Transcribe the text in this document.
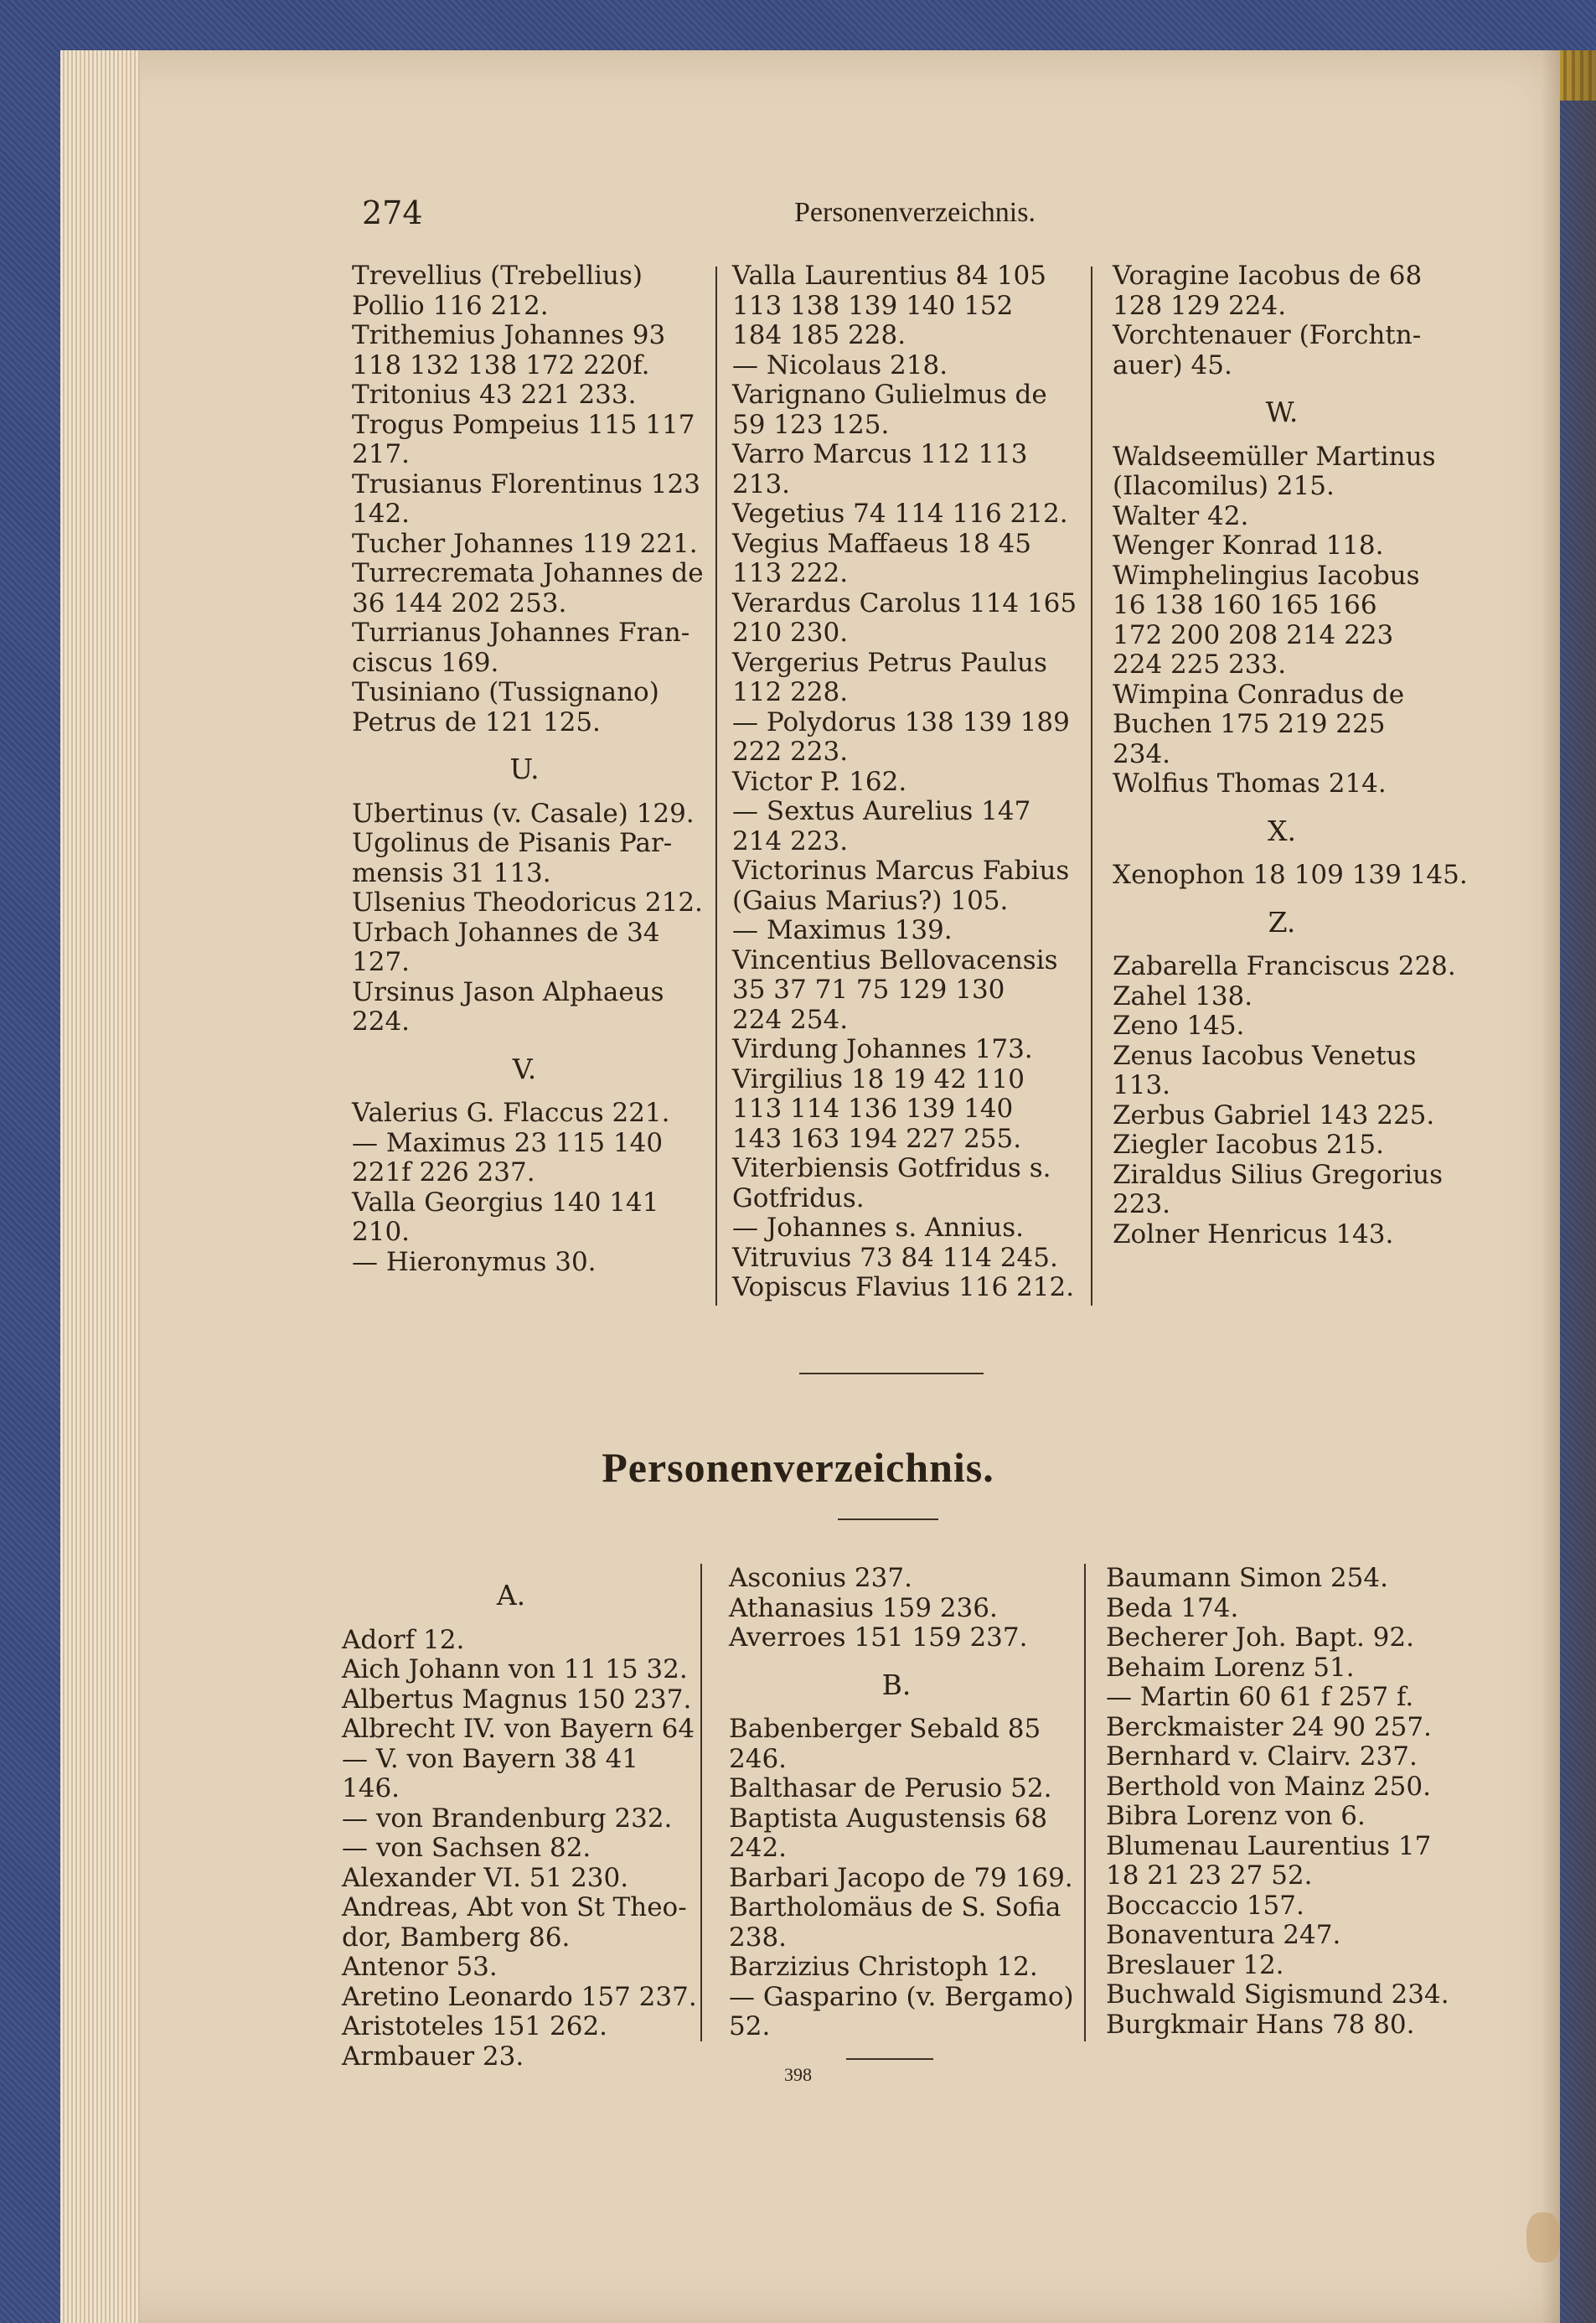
274	Personenverzeichnis.
Trevellius (Trebellius)
Pollio 116 212.
Trithemius Johannes 93
118 132 138 172 220f.
Tritonius 43 221 233.
Trogus Pompeius 115 117
217.
Trusianus Florentinus 123
142.
Tucher Johannes 119 221.
Turrecremata Johannes de
36 144 202 253.
Turrianus Johannes Fran-
ciscus 169.
Tusiniano (Tussignano)
Petrus de 121 125.
U.
Ubertinus (v. Casale) 129.
Ugolinus de Pisanis Par-
mensis 31 113.
Ulsenius Theodoricus 212.
Urbach Johannes de 34
127.
Ursinus Jason Alphaeus
224.
V.
Valerius G. Flaccus 221.
— Maximus 23 115 140
221f 226 237.
Valla Georgius 140 141
210.
— Hieronymus 30.
Valla Laurentius 84 105
113 138 139 140 152
184 185 228.
— Nicolaus 218.
Varignano Gulielmus de
59 123 125.
Varro Marcus 112 113
213.
Vegetius 74 114 116 212.
Vegius Maffaeus 18 45
113 222.
Verardus Carolus 114 165
210 230.
Vergerius Petrus Paulus
112 228.
— Polydorus 138 139 189
222 223.
Victor P. 162.
— Sextus Aurelius 147
214 223.
Victorinus Marcus Fabius
(Gaius Marius?) 105.
— Maximus 139.
Vincentius Bellovacensis
35 37 71 75 129 130
224 254.
Virdung Johannes 173.
Virgilius 18 19 42 110
113 114 136 139 140
143 163 194 227 255.
Viterbiensis Gotfridus s.
Gotfridus.
— Johannes s. Annius.
Vitruvius 73 84 114 245.
Vopiscus Flavius 116 212.
Voragine Iacobus de 68
128 129 224.
Vorchtenauer (Forchtn-
auer) 45.
W.
Waldseemüller Martinus
(Ilacomilus) 215.
Walter 42.
Wenger Konrad 118.
Wimphelingius Iacobus
16 138 160 165 166
172 200 208 214 223
224 225 233.
Wimpina Conradus de
Buchen 175 219 225
234.
Wolfius Thomas 214.
X.
Xenophon 18 109 139 145.
Z.
Zabarella Franciscus 228.
Zahel 138.
Zeno 145.
Zenus Iacobus Venetus
113.
Zerbus Gabriel 143 225.
Ziegler Iacobus 215.
Ziraldus Silius Gregorius
223.
Zolner Henricus 143.
Personenverzeichnis.
A.
Adorf 12.
Aich Johann von 11 15 32.
Albertus Magnus 150 237.
Albrecht IV. von Bayern 64
— V. von Bayern 38 41
146.
— von Brandenburg 232.
— von Sachsen 82.
Alexander VI. 51 230.
Andreas, Abt von St Theo-
dor, Bamberg 86.
Antenor 53.
Aretino Leonardo 157 237.
Aristoteles 151 262.
Armbauer 23.
Asconius 237.
Athanasius 159 236.
Averroes 151 159 237.
B.
Babenberger Sebald 85
246.
Balthasar de Perusio 52.
Baptista Augustensis 68
242.
Barbari Jacopo de 79 169.
Bartholomäus de S. Sofia
238.
Barzizius Christoph 12.
— Gasparino (v. Bergamo)
52.
Baumann Simon 254.
Beda 174.
Becherer Joh. Bapt. 92.
Behaim Lorenz 51.
— Martin 60 61 f 257 f.
Berckmaister 24 90 257.
Bernhard v. Clairv. 237.
Berthold von Mainz 250.
Bibra Lorenz von 6.
Blumenau Laurentius 17
18 21 23 27 52.
Boccaccio 157.
Bonaventura 247.
Breslauer 12.
Buchwald Sigismund 234.
Burgkmair Hans 78 80.
398
